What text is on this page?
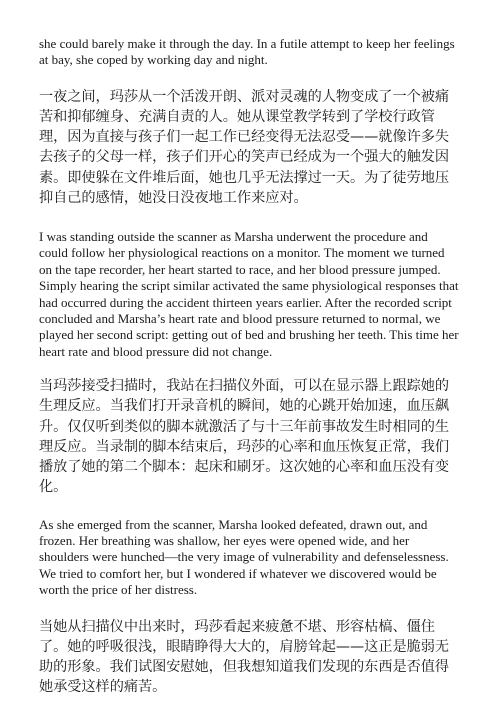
she could barely make it through the day. In a futile attempt to keep her feelings at bay, she coped by working day and night.

一夜之间，玛莎从一个活泼开朗、派对灵魂的人物变成了一个被痛苦和抑郁缠身、充满自责的人。她从课堂教学转到了学校行政管理，因为直接与孩子们一起工作已经变得无法忍受——就像许多失去孩子的父母一样，孩子们开心的笑声已经成为一个强大的触发因素。即使躲在文件堆后面，她也几乎无法撑过一天。为了徒劳地压抑自己的感情，她没日没夜地工作来应对。

I was standing outside the scanner as Marsha underwent the procedure and could follow her physiological reactions on a monitor. The moment we turned on the tape recorder, her heart started to race, and her blood pressure jumped. Simply hearing the script similar activated the same physiological responses that had occurred during the accident thirteen years earlier. After the recorded script concluded and Marsha’s heart rate and blood pressure returned to normal, we played her second script: getting out of bed and brushing her teeth. This time her heart rate and blood pressure did not change.

当玛莎接受扫描时，我站在扫描仪外面，可以在显示器上跟踪她的生理反应。当我们打开录音机的瞬间，她的心跳开始加速，血压飙升。仅仅听到类似的脚本就激活了与十三年前事故发生时相同的生理反应。当录制的脚本结束后，玛莎的心率和血压恢复正常，我们播放了她的第二个脚本：起床和刷牙。这次她的心率和血压没有变化。

As she emerged from the scanner, Marsha looked defeated, drawn out, and frozen. Her breathing was shallow, her eyes were opened wide, and her shoulders were hunched—the very image of vulnerability and defenselessness. We tried to comfort her, but I wondered if whatever we discovered would be worth the price of her distress.

当她从扫描仪中出来时，玛莎看起来疲惫不堪、形容枯槁、僵住了。她的呼吸很浅，眼睛睁得大大的，肩膀耸起——这正是脆弱无助的形象。我们试图安慰她，但我想知道我们发现的东西是否值得她承受这样的痛苦。
